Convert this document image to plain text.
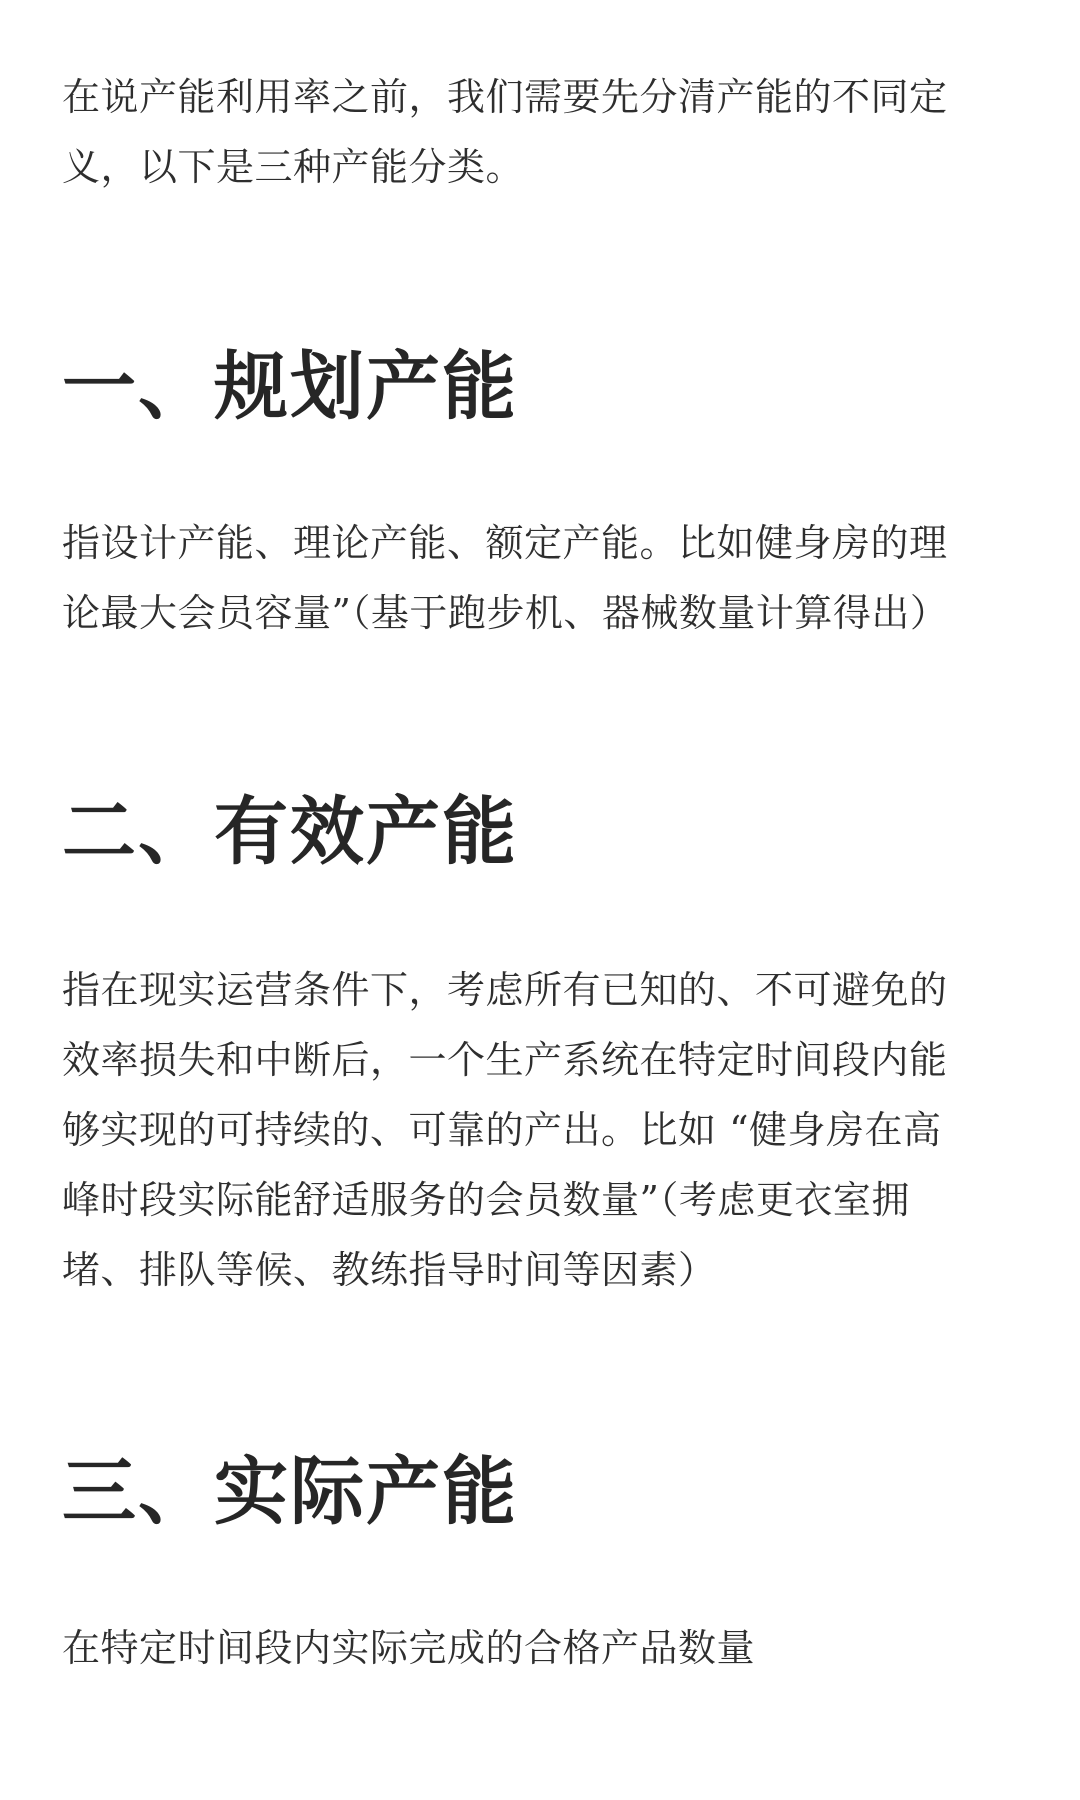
在说产能利用率之前，我们需要先分清产能的不同定
义，以下是三种产能分类。
一、规划产能
指设计产能、理论产能、额定产能。比如健身房的理
论最大会员容量”（基于跑步机、器械数量计算得出）
二、有效产能
指在现实运营条件下，考虑所有已知的、不可避免的
效率损失和中断后，一个生产系统在特定时间段内能
够实现的可持续的、可靠的产出。比如 “健身房在高
峰时段实际能舒适服务的会员数量”（考虑更衣室拥
堵、排队等候、教练指导时间等因素）
三、实际产能
在特定时间段内实际完成的合格产品数量
